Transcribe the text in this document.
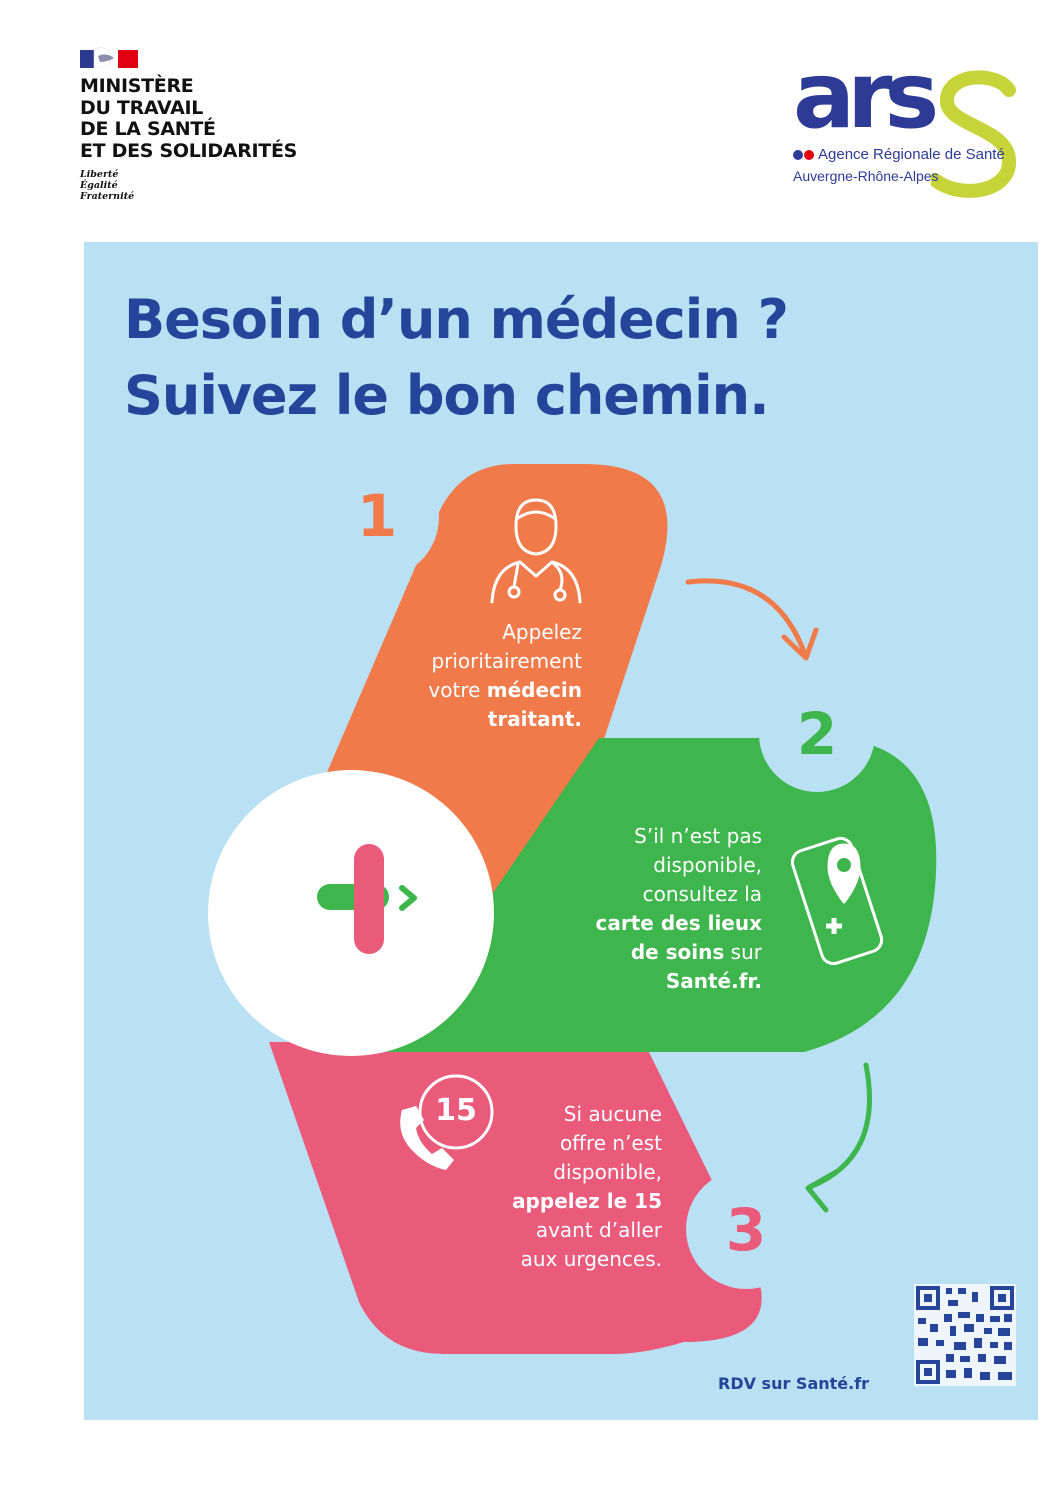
MINISTÈRE
DU TRAVAIL
DE LA SANTÉ
ET DES SOLIDARITÉS
Liberté
Égalité
Fraternité
ars
Agence Régionale de Santé
Auvergne-Rhône-Alpes
Besoin d’un médecin ?
Suivez le bon chemin.
1
2
3
Appelez
prioritairement
votre médecin
traitant.
S’il n’est pas
disponible,
consultez la
carte des lieux
de soins sur
Santé.fr.
15	Si aucune
offre n’est
disponible,
appelez le 15
avant d’aller
aux urgences.
RDV sur Santé.fr
